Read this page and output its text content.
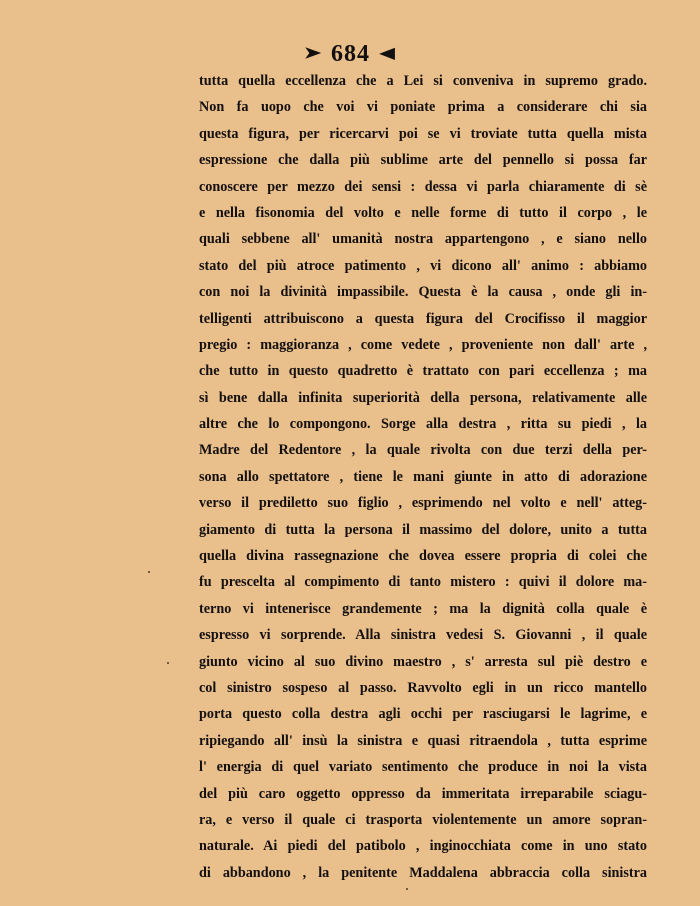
➤ 684 ◀
tutta quella eccellenza che a Lei si conveniva in supremo grado.
Non fa uopo che voi vi poniate prima a considerare chi sia
questa figura, per ricercarvi poi se vi troviate tutta quella mista
espressione che dalla più sublime arte del pennello si possa far
conoscere per mezzo dei sensi : dessa vi parla chiaramente di sè
e nella fisonomia del volto e nelle forme di tutto il corpo , le
quali sebbene all' umanità nostra appartengono , e siano nello
stato del più atroce patimento , vi dicono all' animo : abbiamo
con noi la divinità impassibile. Questa è la causa , onde gli in-
telligenti attribuiscono a questa figura del Crocifisso il maggior
pregio : maggioranza , come vedete , proveniente non dall' arte ,
che tutto in questo quadretto è trattato con pari eccellenza ; ma
sì bene dalla infinita superiorità della persona, relativamente alle
altre che lo compongono. Sorge alla destra , ritta su piedi , la
Madre del Redentore , la quale rivolta con due terzi della per-
sona allo spettatore , tiene le mani giunte in atto di adorazione
verso il prediletto suo figlio , esprimendo nel volto e nell' atteg-
giamento di tutta la persona il massimo del dolore, unito a tutta
quella divina rassegnazione che dovea essere propria di colei che
fu prescelta al compimento di tanto mistero : quivi il dolore ma-
terno vi intenerisce grandemente ; ma la dignità colla quale è
espresso vi sorprende. Alla sinistra vedesi S. Giovanni , il quale
giunto vicino al suo divino maestro , s' arresta sul piè destro e
col sinistro sospeso al passo. Ravvolto egli in un ricco mantello
porta questo colla destra agli occhi per rasciugarsi le lagrime, e
ripiegando all' insù la sinistra e quasi ritraendola , tutta esprime
l' energia di quel variato sentimento che produce in noi la vista
del più caro oggetto oppresso da immeritata irreparabile sciagu-
ra, e verso il quale ci trasporta violentemente un amore sopran-
naturale. Ai piedi del patibolo , inginocchiata come in uno stato
di abbandono , la penitente Maddalena abbraccia colla sinistra
